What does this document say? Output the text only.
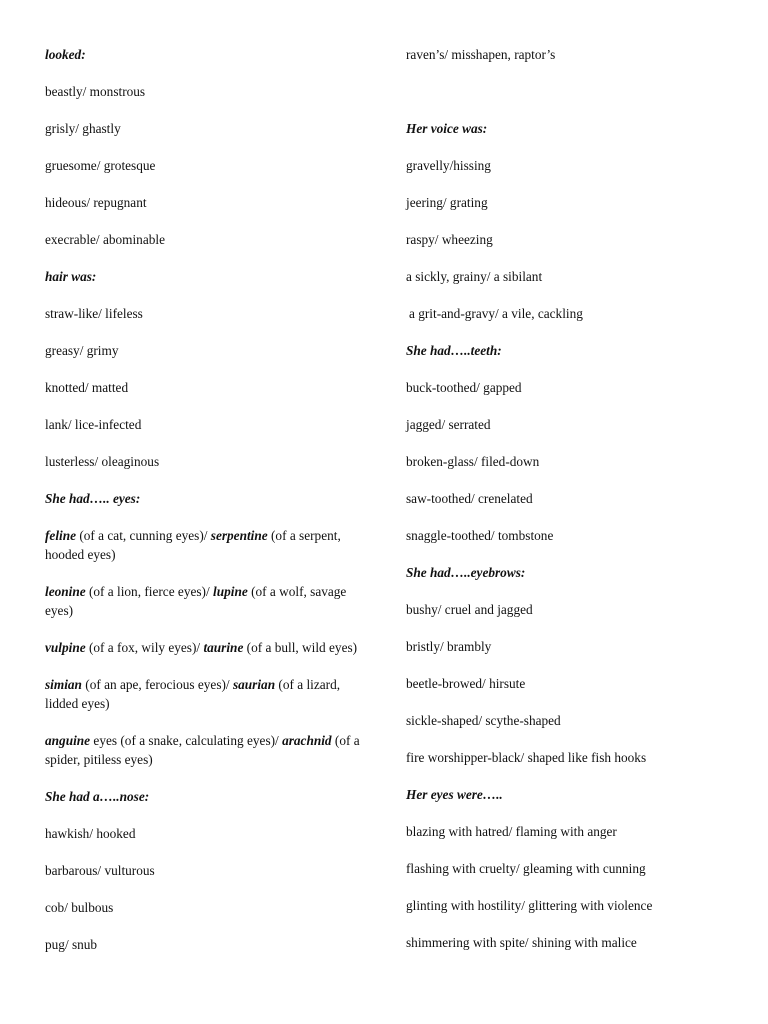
looked:

beastly/ monstrous

grisly/ ghastly

gruesome/ grotesque

hideous/ repugnant

execrable/ abominable

hair was:

straw-like/ lifeless

greasy/ grimy

knotted/ matted

lank/ lice-infected

lusterless/ oleaginous

She had….. eyes:

feline (of a cat, cunning eyes)/ serpentine (of a serpent, hooded eyes)

leonine (of a lion, fierce eyes)/ lupine (of a wolf, savage eyes)

vulpine (of a fox, wily eyes)/ taurine (of a bull, wild eyes)

simian (of an ape, ferocious eyes)/ saurian (of a lizard, lidded eyes)

anguine eyes (of a snake, calculating eyes)/ arachnid (of a spider, pitiless eyes)

She had a…..nose:

hawkish/ hooked

barbarous/ vulturous

cob/ bulbous

pug/ snub

raven’s/ misshapen, raptor’s

Her voice was:

gravelly/hissing

jeering/ grating

raspy/ wheezing

a sickly, grainy/ a sibilant

a grit-and-gravy/ a vile, cackling

She had…..teeth:

buck-toothed/ gapped

jagged/ serrated

broken-glass/ filed-down

saw-toothed/ crenelated

snaggle-toothed/ tombstone

She had…..eyebrows:

bushy/ cruel and jagged

bristly/ brambly

beetle-browed/ hirsute

sickle-shaped/ scythe-shaped

fire worshipper-black/ shaped like fish hooks

Her eyes were…..

blazing with hatred/ flaming with anger

flashing with cruelty/ gleaming with cunning

glinting with hostility/ glittering with violence

shimmering with spite/ shining with malice
